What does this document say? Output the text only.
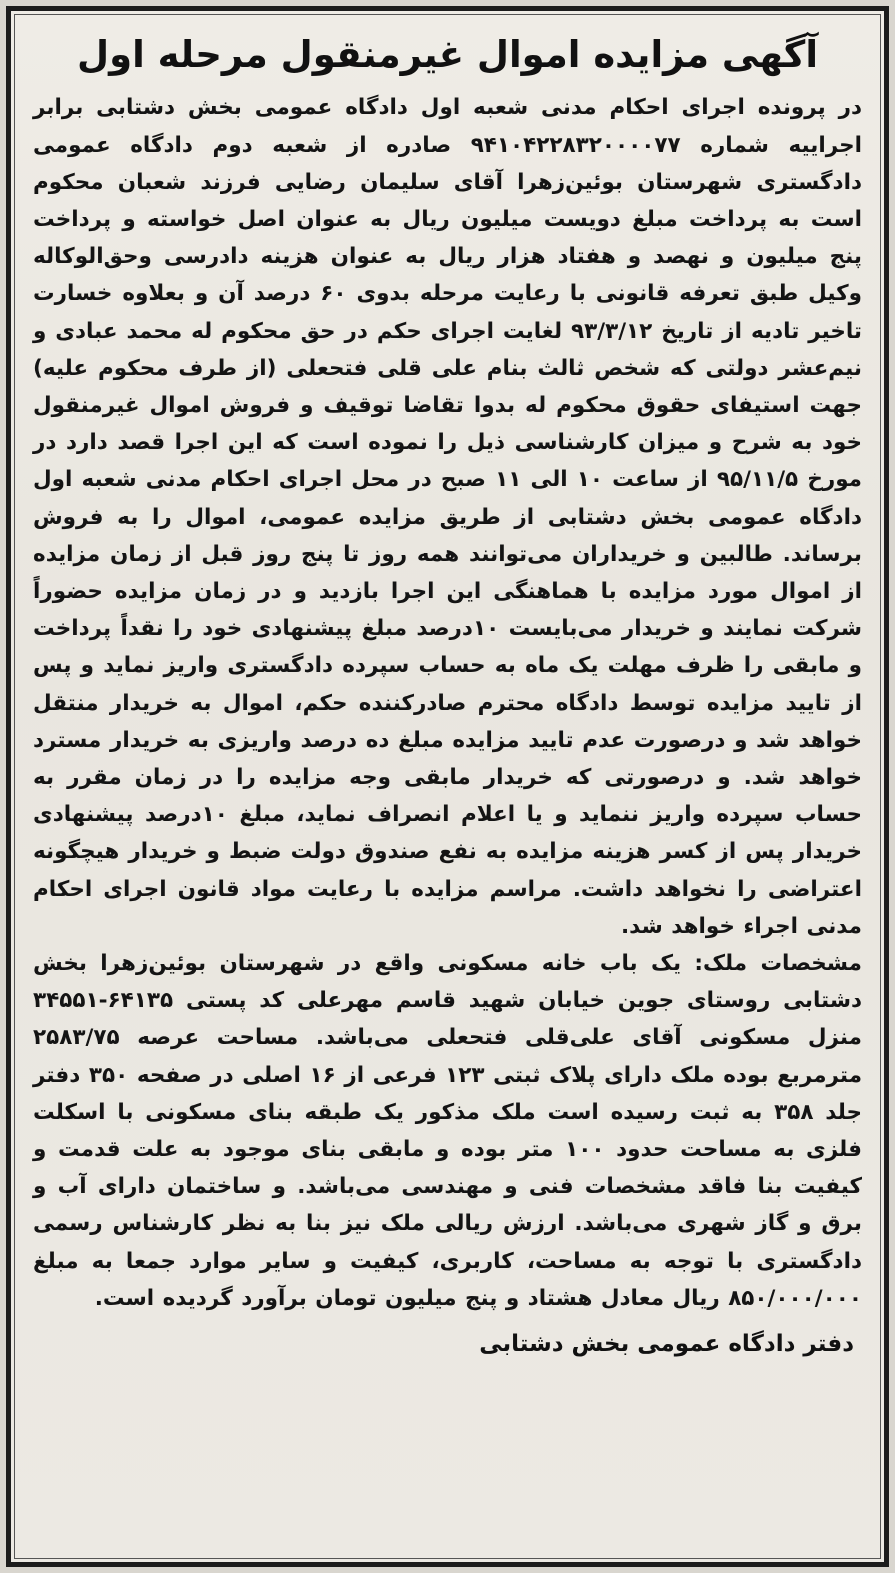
آگهی مزایده اموال غیرمنقول مرحله اول

در پرونده اجرای احکام مدنی شعبه اول دادگاه عمومی بخش دشتابی برابر اجراییه شماره ۹۴۱۰۴۲۲۸۳۲۰۰۰۰۷۷ صادره از شعبه دوم دادگاه عمومی دادگستری شهرستان بوئین‌زهرا آقای سلیمان رضایی فرزند شعبان محکوم است به پرداخت مبلغ دویست میلیون ریال به عنوان اصل خواسته و پرداخت پنج میلیون و نهصد و هفتاد هزار ریال به عنوان هزینه دادرسی وحق‌الوکاله وکیل طبق تعرفه قانونی با رعایت مرحله بدوی ۶۰ درصد آن و بعلاوه خسارت تاخیر تادیه از تاریخ ۹۳/۳/۱۲ لغایت اجرای حکم در حق محکوم له محمد عبادی و نیم‌عشر دولتی که شخص ثالث بنام علی قلی فتحعلی (از طرف محکوم علیه) جهت استیفای حقوق محکوم له بدوا تقاضا توقیف و فروش اموال غیرمنقول خود به شرح و میزان کارشناسی ذیل را نموده است که این اجرا قصد دارد در مورخ ۹۵/۱۱/۵ از ساعت ۱۰ الی ۱۱ صبح در محل اجرای احکام مدنی شعبه اول دادگاه عمومی بخش دشتابی از طریق مزایده عمومی، اموال را به فروش برساند. طالبین و خریداران می‌توانند همه روز تا پنج روز قبل از زمان مزایده از اموال مورد مزایده با هماهنگی این اجرا بازدید و در زمان مزایده حضوراً شرکت نمایند و خریدار می‌بایست ۱۰درصد مبلغ پیشنهادی خود را نقداً پرداخت و مابقی را ظرف مهلت یک ماه به حساب سپرده دادگستری واریز نماید و پس از تایید مزایده توسط دادگاه محترم صادرکننده حکم، اموال به خریدار منتقل خواهد شد و درصورت عدم تایید مزایده مبلغ ده درصد واریزی به خریدار مسترد خواهد شد. و درصورتی که خریدار مابقی وجه مزایده را در زمان مقرر به حساب سپرده واریز ننماید و یا اعلام انصراف نماید، مبلغ ۱۰درصد پیشنهادی خریدار پس از کسر هزینه مزایده به نفع صندوق دولت ضبط و خریدار هیچگونه اعتراضی را نخواهد داشت. مراسم مزایده با رعایت مواد قانون اجرای احکام مدنی اجراء خواهد شد.

مشخصات ملک: یک باب خانه مسکونی واقع در شهرستان بوئین‌زهرا بخش دشتابی روستای جوین خیابان شهید قاسم مهرعلی کد پستی ۶۴۱۳۵-۳۴۵۵۱ منزل مسکونی آقای علی‌قلی فتحعلی می‌باشد. مساحت عرصه ۲۵۸۳/۷۵ مترمربع بوده ملک دارای پلاک ثبتی ۱۲۳ فرعی از ۱۶ اصلی در صفحه ۳۵۰ دفتر جلد ۳۵۸ به ثبت رسیده است ملک مذکور یک طبقه بنای مسکونی با اسکلت فلزی به مساحت حدود ۱۰۰ متر بوده و مابقی بنای موجود به علت قدمت و کیفیت بنا فاقد مشخصات فنی و مهندسی می‌باشد. و ساختمان دارای آب و برق و گاز شهری می‌باشد. ارزش ریالی ملک نیز بنا به نظر کارشناس رسمی دادگستری با توجه به مساحت، کاربری، کیفیت و سایر موارد جمعا به مبلغ ۸۵۰/۰۰۰/۰۰۰ ریال معادل هشتاد و پنج میلیون تومان برآورد گردیده است.

دفتر دادگاه عمومی بخش دشتابی
